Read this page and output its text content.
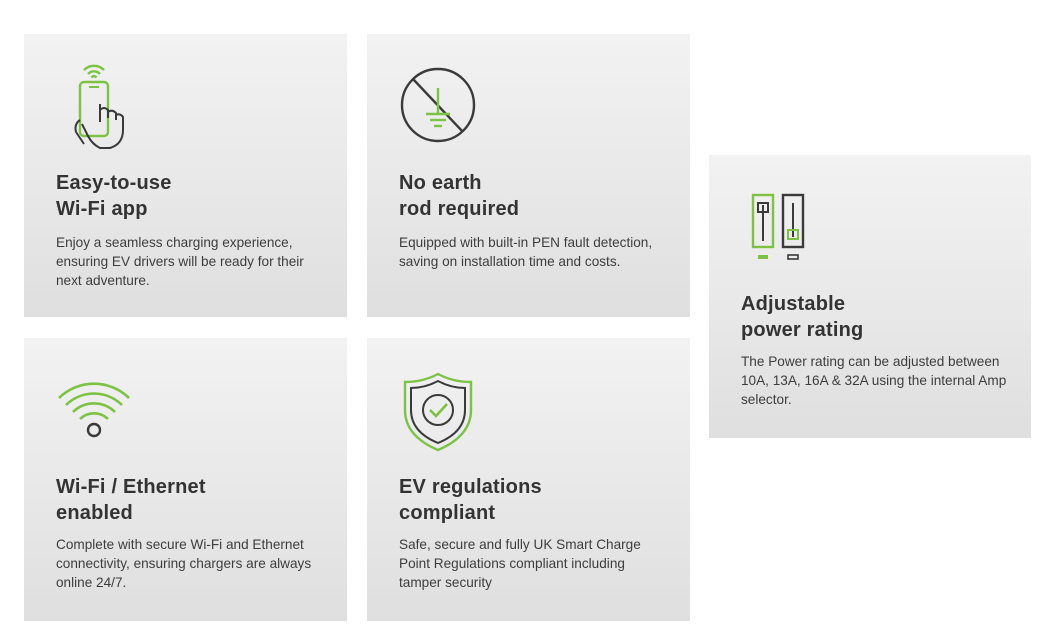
Easy-to-use
Wi-Fi app

Enjoy a seamless charging experience, ensuring EV drivers will be ready for their next adventure.

No earth
rod required

Equipped with built-in PEN fault detection, saving on installation time and costs.

Adjustable
power rating

The Power rating can be adjusted between 10A, 13A, 16A & 32A using the internal Amp selector.

Wi-Fi / Ethernet
enabled

Complete with secure Wi-Fi and Ethernet connectivity, ensuring chargers are always online 24/7.

EV regulations
compliant

Safe, secure and fully UK Smart Charge Point Regulations compliant including tamper security
